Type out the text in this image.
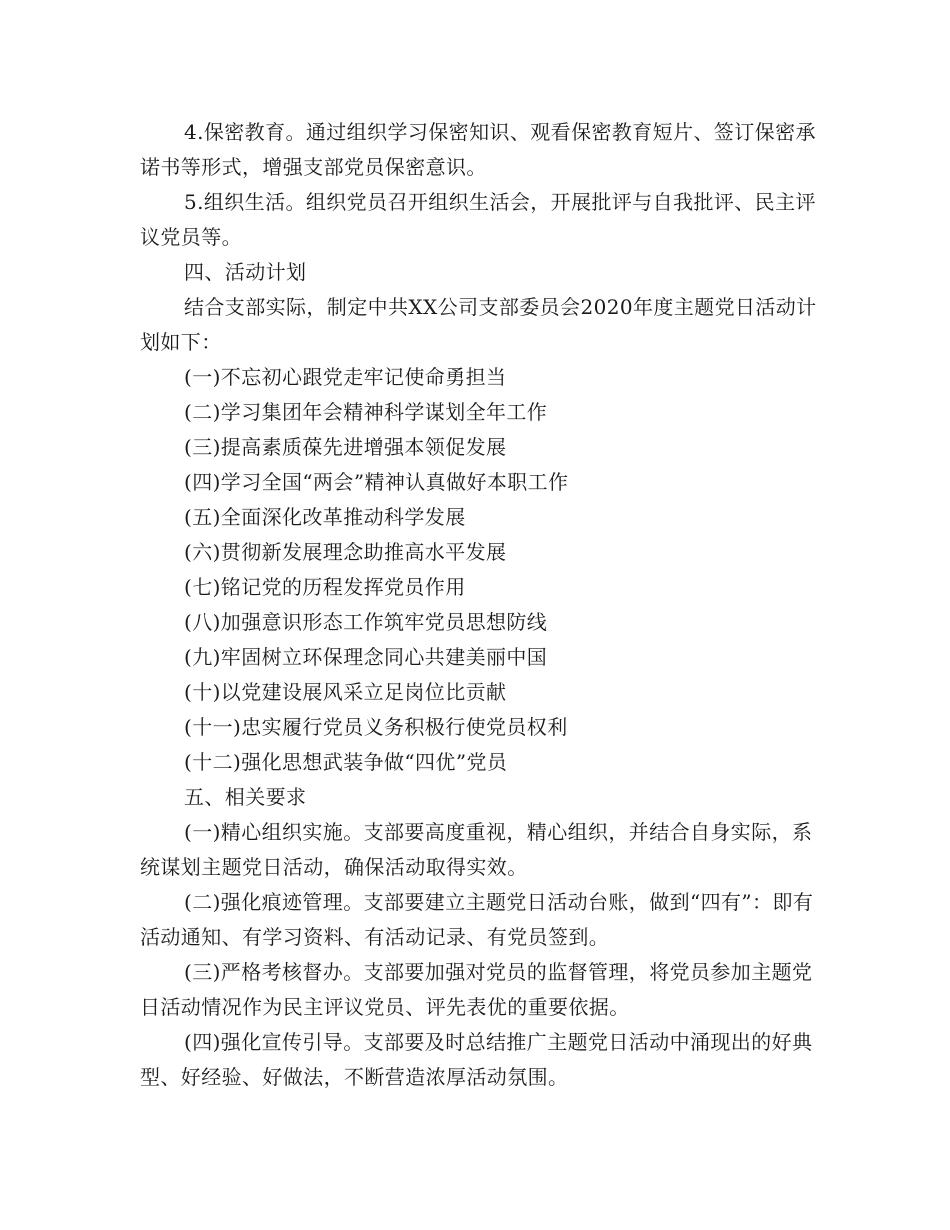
4.保密教育。通过组织学习保密知识、观看保密教育短片、签订保密承诺书等形式，增强支部党员保密意识。

5.组织生活。组织党员召开组织生活会，开展批评与自我批评、民主评议党员等。

四、活动计划

结合支部实际，制定中共XX公司支部委员会2020年度主题党日活动计划如下：

(一)不忘初心跟党走牢记使命勇担当

(二)学习集团年会精神科学谋划全年工作

(三)提高素质葆先进增强本领促发展

(四)学习全国“两会”精神认真做好本职工作

(五)全面深化改革推动科学发展

(六)贯彻新发展理念助推高水平发展

(七)铭记党的历程发挥党员作用

(八)加强意识形态工作筑牢党员思想防线

(九)牢固树立环保理念同心共建美丽中国

(十)以党建设展风采立足岗位比贡献

(十一)忠实履行党员义务积极行使党员权利

(十二)强化思想武装争做“四优”党员

五、相关要求

(一)精心组织实施。支部要高度重视，精心组织，并结合自身实际，系统谋划主题党日活动，确保活动取得实效。

(二)强化痕迹管理。支部要建立主题党日活动台账，做到“四有”：即有活动通知、有学习资料、有活动记录、有党员签到。

(三)严格考核督办。支部要加强对党员的监督管理，将党员参加主题党日活动情况作为民主评议党员、评先表优的重要依据。

(四)强化宣传引导。支部要及时总结推广主题党日活动中涌现出的好典型、好经验、好做法，不断营造浓厚活动氛围。
